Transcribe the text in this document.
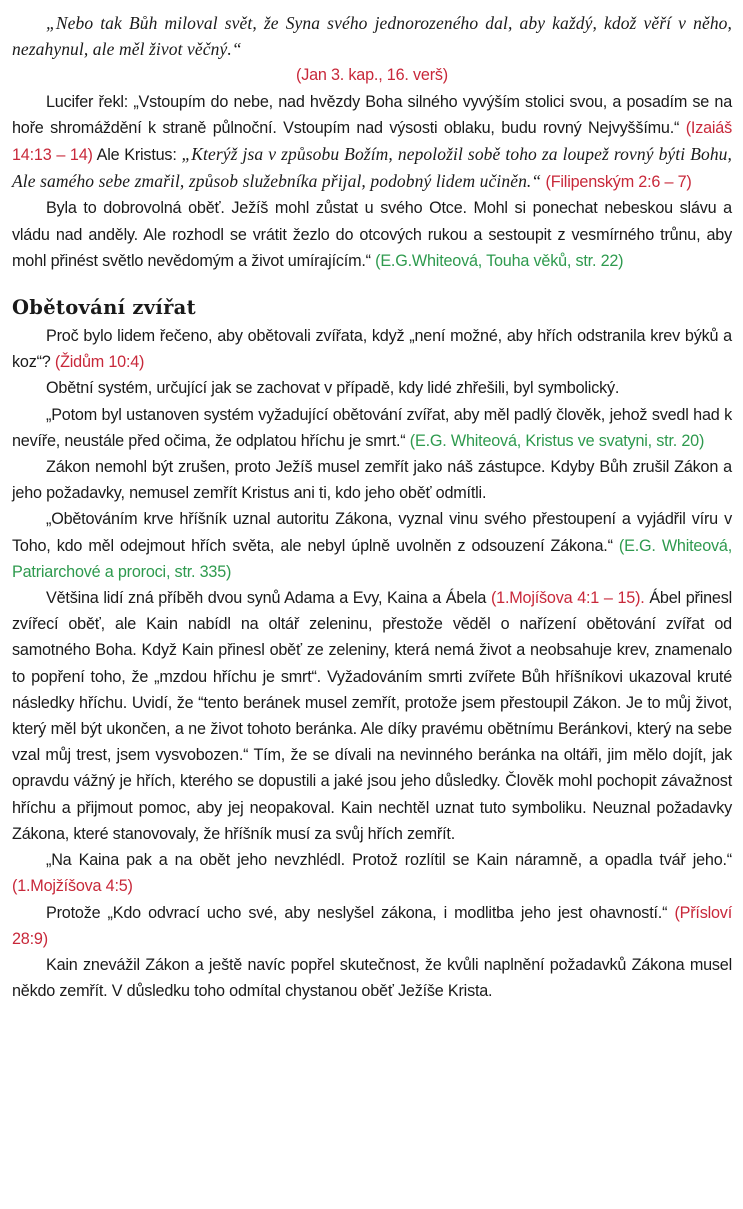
„Nebo tak Bůh miloval svět, že Syna svého jednorozeného dal, aby každý, kdož věří v něho, nezahynul, ale měl život věčný.“

(Jan 3. kap., 16. verš)

Lucifer řekl: „Vstoupím do nebe, nad hvězdy Boha silného vyvýším stolici svou, a posadím se na hoře shromáždění k straně půlnoční. Vstoupím nad výsosti oblaku, budu rovný Nejvyššímu.“ (Izaiáš 14:13 – 14) Ale Kristus: „Kterýž jsa v způsobu Božím, nepoložil sobě toho za loupež rovný býti Bohu, Ale samého sebe zmařil, způsob služebníka přijal, podobný lidem učiněn.“ (Filipenským 2:6 – 7)

Byla to dobrovolná oběť. Ježíš mohl zůstat u svého Otce. Mohl si ponechat nebeskou slávu a vládu nad anděly. Ale rozhodl se vrátit žezlo do otcových rukou a sestoupit z vesmírného trůnu, aby mohl přinést světlo nevědomým a život umírajícím.“ (E.G.Whiteová, Touha věků, str. 22)

Obětování zvířat

Proč bylo lidem řečeno, aby obětovali zvířata, když „není možné, aby hřích odstranila krev býků a koz“? (Židům 10:4)

Obětní systém, určující jak se zachovat v případě, kdy lidé zhřešili, byl symbolický.

„Potom byl ustanoven systém vyžadující obětování zvířat, aby měl padlý člověk, jehož svedl had k nevíře, neustále před očima, že odplatou hříchu je smrt.“ (E.G. Whiteová, Kristus ve svatyni, str. 20)

Zákon nemohl být zrušen, proto Ježíš musel zemřít jako náš zástupce. Kdyby Bůh zrušil Zákon a jeho požadavky, nemusel zemřít Kristus ani ti, kdo jeho oběť odmítli.

„Obětováním krve hříšník uznal autoritu Zákona, vyznal vinu svého přestoupení a vyjádřil víru v Toho, kdo měl odejmout hřích světa, ale nebyl úplně uvolněn z odsouzení Zákona.“ (E.G. Whiteová, Patriarchové a proroci, str. 335)

Většina lidí zná příběh dvou synů Adama a Evy, Kaina a Ábela (1.Mojíšova 4:1 – 15). Ábel přinesl zvířecí oběť, ale Kain nabídl na oltář zeleninu, přestože věděl o nařízení obětování zvířat od samotného Boha. Když Kain přinesl oběť ze zeleniny, která nemá život a neobsahuje krev, znamenalo to popření toho, že „mzdou hříchu je smrt“. Vyžadováním smrti zvířete Bůh hříšníkovi ukazoval kruté následky hříchu. Uvidí, že “tento beránek musel zemřít, protože jsem přestoupil Zákon. Je to můj život, který měl být ukončen, a ne život tohoto beránka. Ale díky pravému obětnímu Beránkovi, který na sebe vzal můj trest, jsem vysvobozen.“ Tím, že se dívali na nevinného beránka na oltáři, jim mělo dojít, jak opravdu vážný je hřích, kterého se dopustili a jaké jsou jeho důsledky. Člověk mohl pochopit závažnost hříchu a přijmout pomoc, aby jej neopakoval. Kain nechtěl uznat tuto symboliku. Neuznal požadavky Zákona, které stanovovaly, že hříšník musí za svůj hřích zemřít.

„Na Kaina pak a na obět jeho nevzhlédl. Protož rozlítil se Kain náramně, a opadla tvář jeho.“ (1.Mojžíšova 4:5)

Protože „Kdo odvrací ucho své, aby neslyšel zákona, i modlitba jeho jest ohavností.“ (Přísloví 28:9)

Kain znevážil Zákon a ještě navíc popřel skutečnost, že kvůli naplnění požadavků Zákona musel někdo zemřít. V důsledku toho odmítal chystanou oběť Ježíše Krista.
